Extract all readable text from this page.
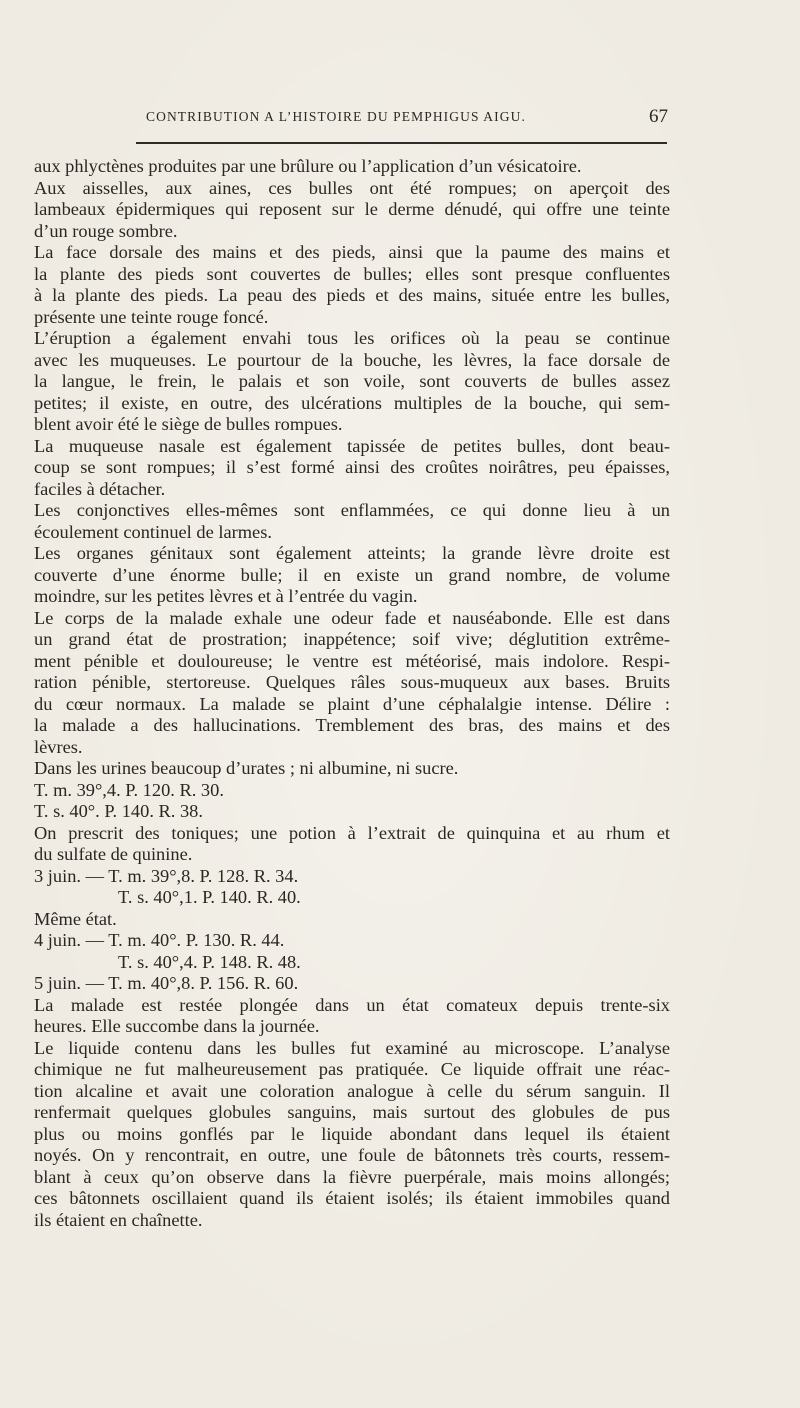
CONTRIBUTION A L’HISTOIRE DU PEMPHIGUS AIGU.	67
aux phlyctènes produites par une brûlure ou l’application d’un vésicatoire.
Aux aisselles, aux aines, ces bulles ont été rompues; on aperçoit des
lambeaux épidermiques qui reposent sur le derme dénudé, qui offre une teinte
d’un rouge sombre.
La face dorsale des mains et des pieds, ainsi que la paume des mains et
la plante des pieds sont couvertes de bulles; elles sont presque confluentes
à la plante des pieds. La peau des pieds et des mains, située entre les bulles,
présente une teinte rouge foncé.
L’éruption a également envahi tous les orifices où la peau se continue
avec les muqueuses. Le pourtour de la bouche, les lèvres, la face dorsale de
la langue, le frein, le palais et son voile, sont couverts de bulles assez
petites; il existe, en outre, des ulcérations multiples de la bouche, qui sem-
blent avoir été le siège de bulles rompues.
La muqueuse nasale est également tapissée de petites bulles, dont beau-
coup se sont rompues; il s’est formé ainsi des croûtes noirâtres, peu épaisses,
faciles à détacher.
Les conjonctives elles-mêmes sont enflammées, ce qui donne lieu à un
écoulement continuel de larmes.
Les organes génitaux sont également atteints; la grande lèvre droite est
couverte d’une énorme bulle; il en existe un grand nombre, de volume
moindre, sur les petites lèvres et à l’entrée du vagin.
Le corps de la malade exhale une odeur fade et nauséabonde. Elle est dans
un grand état de prostration; inappétence; soif vive; déglutition extrême-
ment pénible et douloureuse; le ventre est météorisé, mais indolore. Respi-
ration pénible, stertoreuse. Quelques râles sous-muqueux aux bases. Bruits
du cœur normaux. La malade se plaint d’une céphalalgie intense. Délire :
la malade a des hallucinations. Tremblement des bras, des mains et des
lèvres.
Dans les urines beaucoup d’urates ; ni albumine, ni sucre.
T. m. 39°,4. P. 120. R. 30.
T. s. 40°. P. 140. R. 38.
On prescrit des toniques; une potion à l’extrait de quinquina et au rhum et
du sulfate de quinine.
3 juin. — T. m. 39°,8. P. 128. R. 34.
T. s. 40°,1. P. 140. R. 40.
Même état.
4 juin. — T. m. 40°. P. 130. R. 44.
T. s. 40°,4. P. 148. R. 48.
5 juin. — T. m. 40°,8. P. 156. R. 60.
La malade est restée plongée dans un état comateux depuis trente-six
heures. Elle succombe dans la journée.
Le liquide contenu dans les bulles fut examiné au microscope. L’analyse
chimique ne fut malheureusement pas pratiquée. Ce liquide offrait une réac-
tion alcaline et avait une coloration analogue à celle du sérum sanguin. Il
renfermait quelques globules sanguins, mais surtout des globules de pus
plus ou moins gonflés par le liquide abondant dans lequel ils étaient
noyés. On y rencontrait, en outre, une foule de bâtonnets très courts, ressem-
blant à ceux qu’on observe dans la fièvre puerpérale, mais moins allongés;
ces bâtonnets oscillaient quand ils étaient isolés; ils étaient immobiles quand
ils étaient en chaînette.
